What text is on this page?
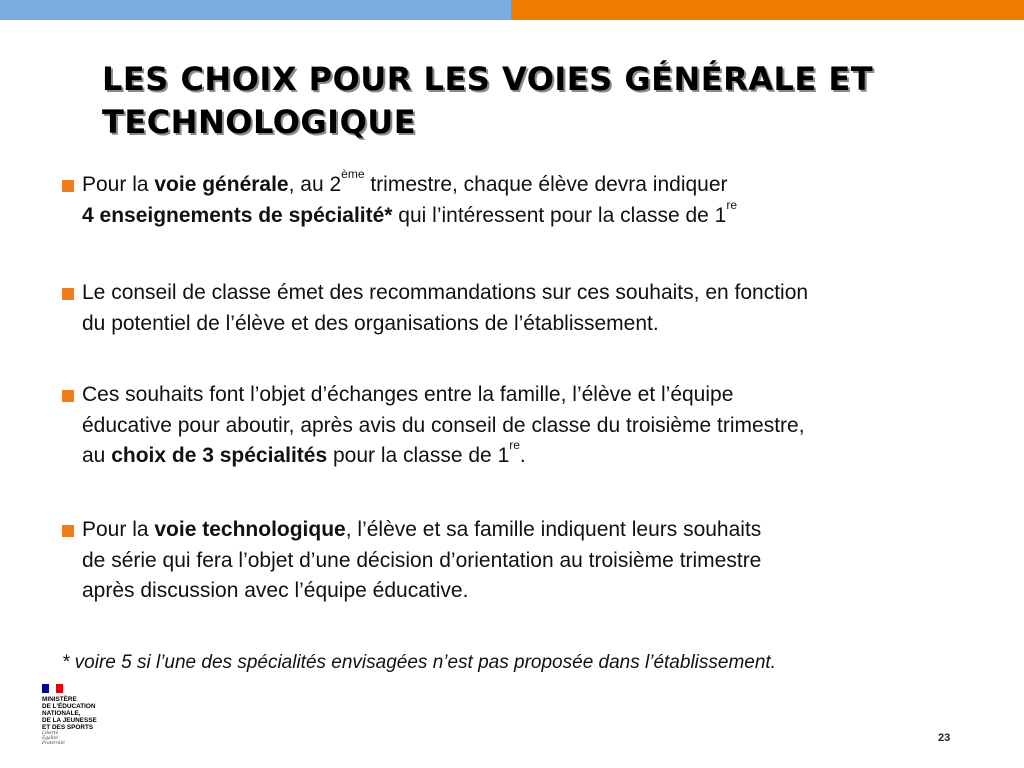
LES CHOIX POUR LES VOIES GÉNÉRALE ET TECHNOLOGIQUE
Pour la voie générale, au 2ème trimestre, chaque élève devra indiquer
4 enseignements de spécialité* qui l’intéressent pour la classe de 1re
Le conseil de classe émet des recommandations sur ces souhaits, en fonction
du potentiel de l’élève et des organisations de l’établissement.
Ces souhaits font l’objet d’échanges entre la famille, l’élève et l’équipe
éducative pour aboutir, après avis du conseil de classe du troisième trimestre,
au choix de 3 spécialités pour la classe de 1re.
Pour la voie technologique, l’élève et sa famille indiquent leurs souhaits
de série qui fera l’objet d’une décision d’orientation au troisième trimestre
après discussion avec l’équipe éducative.
* voire 5 si l’une des spécialités envisagées n’est pas proposée dans l’établissement.
MINISTÈRE
DE L’ÉDUCATION
NATIONALE,
DE LA JEUNESSE
ET DES SPORTS
Liberté
Égalité
Fraternité	23
